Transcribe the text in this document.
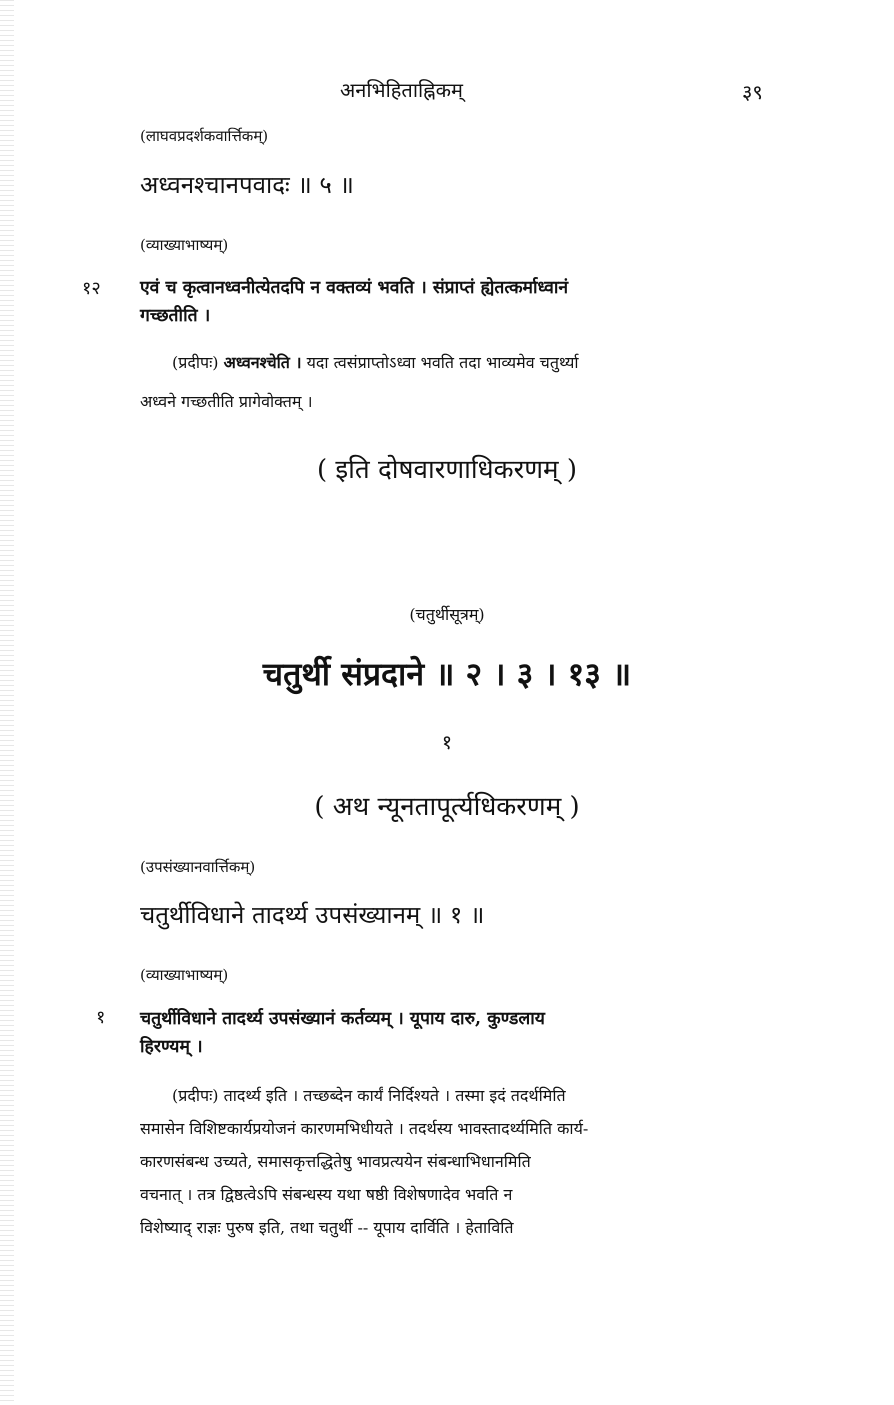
अनभिहिताह्निकम्	३९
(लाघवप्रदर्शकवार्त्तिकम्)
अध्वनश्चानपवादः ॥ ५ ॥
(व्याख्याभाष्यम्)
१२ एवं च कृत्वानध्वनीत्येतदपि न वक्तव्यं भवति । संप्राप्तं ह्येतत्कर्माध्वानं
गच्छतीति ।
(प्रदीपः) अध्वनश्चेति । यदा त्वसंप्राप्तोऽध्वा भवति तदा भाव्यमेव चतुर्थ्या
अध्वने गच्छतीति प्रागेवोक्तम् ।
( इति दोषवारणाधिकरणम् )
(चतुर्थीसूत्रम्)
चतुर्थी संप्रदाने ॥ २ । ३ । १३ ॥
१
( अथ न्यूनतापूर्त्यधिकरणम् )
(उपसंख्यानवार्त्तिकम्)
चतुर्थीविधाने तादर्थ्य उपसंख्यानम् ॥ १ ॥
(व्याख्याभाष्यम्)
१ चतुर्थीविधाने तादर्थ्य उपसंख्यानं कर्तव्यम् । यूपाय दारु, कुण्डलाय
हिरण्यम् ।
(प्रदीपः) तादर्थ्य इति । तच्छब्देन कार्यं निर्दिश्यते । तस्मा इदं तदर्थमिति
समासेन विशिष्टकार्यप्रयोजनं कारणमभिधीयते । तदर्थस्य भावस्तादर्थ्यमिति कार्य-
कारणसंबन्ध उच्यते, समासकृत्तद्धितेषु भावप्रत्ययेन संबन्धाभिधानमिति
वचनात् । तत्र द्विष्ठत्वेऽपि संबन्धस्य यथा षष्ठी विशेषणादेव भवति न
विशेष्याद् राज्ञः पुरुष इति, तथा चतुर्थी -- यूपाय दार्विति । हेताविति
